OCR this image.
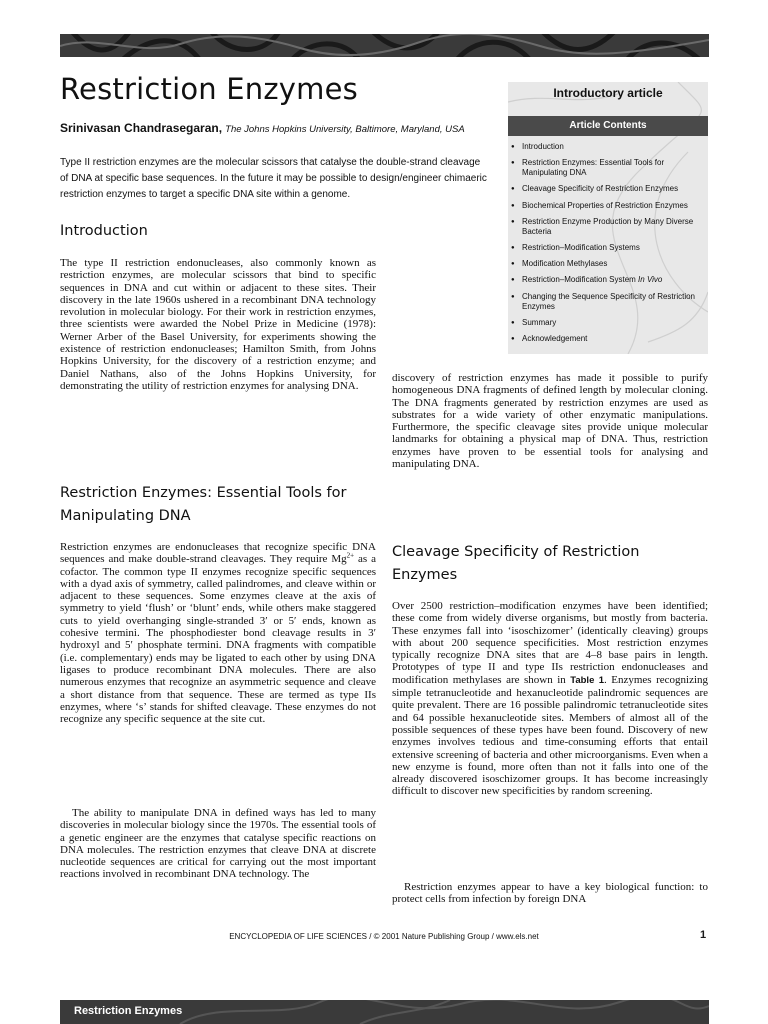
Restriction Enzymes
Srinivasan Chandrasegaran, The Johns Hopkins University, Baltimore, Maryland, USA

Type II restriction enzymes are the molecular scissors that catalyse the double-strand cleavage of DNA at specific base sequences. In the future it may be possible to design/engineer chimaeric restriction enzymes to target a specific DNA site within a genome.

Introductory article
Article Contents
● Introduction
● Restriction Enzymes: Essential Tools for Manipulating DNA
● Cleavage Specificity of Restriction Enzymes
● Biochemical Properties of Restriction Enzymes
● Restriction Enzyme Production by Many Diverse Bacteria
● Restriction–Modification Systems
● Modification Methylases
● Restriction–Modification System In Vivo
● Changing the Sequence Specificity of Restriction Enzymes
● Summary
● Acknowledgement
Introduction

The type II restriction endonucleases, also commonly known as restriction enzymes, are molecular scissors that bind to specific sequences in DNA and cut within or adjacent to these sites. Their discovery in the late 1960s ushered in a recombinant DNA technology revolution in molecular biology. For their work in restriction enzymes, three scientists were awarded the Nobel Prize in Medicine (1978): Werner Arber of the Basel University, for experiments showing the existence of restriction endonucleases; Hamilton Smith, from Johns Hopkins University, for the discovery of a restriction enzyme; and Daniel Nathans, also of the Johns Hopkins University, for demonstrating the utility of restriction enzymes for analysing DNA.

Restriction Enzymes: Essential Tools for Manipulating DNA

Restriction enzymes are endonucleases that recognize specific DNA sequences and make double-strand cleavages. They require $Mg^{2+}$ as a cofactor. The common type II enzymes recognize specific sequences with a dyad axis of symmetry, called palindromes, and cleave within or adjacent to these sequences. Some enzymes cleave at the axis of symmetry to yield ‘flush’ or ‘blunt’ ends, while others make staggered cuts to yield overhanging single-stranded 3′ or 5′ ends, known as cohesive termini. The phosphodiester bond cleavage results in 3′ hydroxyl and 5′ phosphate termini. DNA fragments with compatible (i.e. complementary) ends may be ligated to each other by using DNA ligases to produce recombinant DNA molecules. There are also numerous enzymes that recognize an asymmetric sequence and cleave a short distance from that sequence. These are termed as type IIs enzymes, where ‘s’ stands for shifted cleavage. These enzymes do not recognize any specific sequence at the site cut.

The ability to manipulate DNA in defined ways has led to many discoveries in molecular biology since the 1970s. The essential tools of a genetic engineer are the enzymes that catalyse specific reactions on DNA molecules. The restriction enzymes that cleave DNA at discrete nucleotide sequences are critical for carrying out the most important reactions involved in recombinant DNA technology. The

discovery of restriction enzymes has made it possible to purify homogeneous DNA fragments of defined length by molecular cloning. The DNA fragments generated by restriction enzymes are used as substrates for a wide variety of other enzymatic manipulations. Furthermore, the specific cleavage sites provide unique molecular landmarks for obtaining a physical map of DNA. Thus, restriction enzymes have proven to be essential tools for analysing and manipulating DNA.

Cleavage Specificity of Restriction Enzymes

Over 2500 restriction–modification enzymes have been identified; these come from widely diverse organisms, but mostly from bacteria. These enzymes fall into ‘isoschizomer’ (identically cleaving) groups with about 200 sequence specificities. Most restriction enzymes typically recognize DNA sites that are 4–8 base pairs in length. Prototypes of type II and type IIs restriction endonucleases and modification methylases are shown in Table 1. Enzymes recognizing simple tetranucleotide and hexanucleotide palindromic sequences are quite prevalent. There are 16 possible palindromic tetranucleotide sites and 64 possible hexanucleotide sites. Members of almost all of the possible sequences of these types have been found. Discovery of new enzymes involves tedious and time-consuming efforts that entail extensive screening of bacteria and other microorganisms. Even when a new enzyme is found, more often than not it falls into one of the already discovered isoschizomer groups. It has become increasingly difficult to discover new specificities by random screening.

Restriction enzymes appear to have a key biological function: to protect cells from infection by foreign DNA

ENCYCLOPEDIA OF LIFE SCIENCES / © 2001 Nature Publishing Group / www.els.net	1
Restriction Enzymes
